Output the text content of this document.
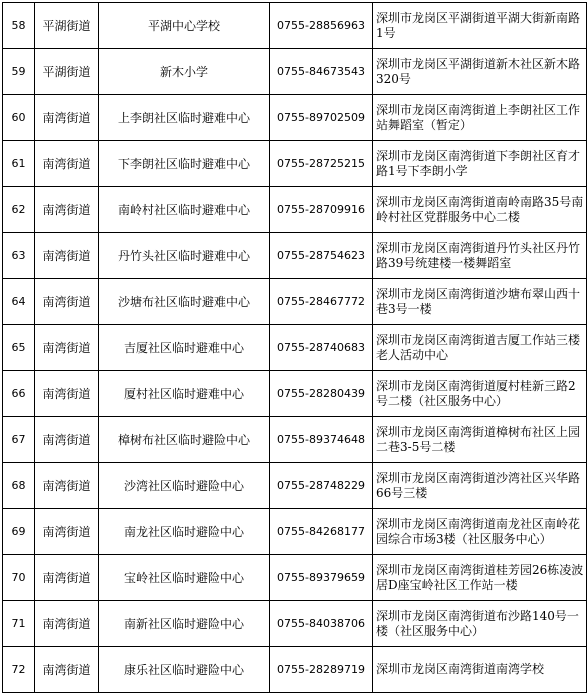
58	平湖街道	平湖中心学校	0755-28856963	深圳市龙岗区平湖街道平湖大街新南路1号
59	平湖街道	新木小学	0755-84673543	深圳市龙岗区平湖街道新木社区新木路320号
60	南湾街道	上李朗社区临时避难中心	0755-89702509	深圳市龙岗区南湾街道上李朗社区工作站舞蹈室（暂定）
61	南湾街道	下李朗社区临时避难中心	0755-28725215	深圳市龙岗区南湾街道下李朗社区育才路1号下李朗小学
62	南湾街道	南岭村社区临时避难中心	0755-28709916	深圳市龙岗区南湾街道南岭南路35号南岭村社区党群服务中心二楼
63	南湾街道	丹竹头社区临时避难中心	0755-28754623	深圳市龙岗区南湾街道丹竹头社区丹竹路39号统建楼一楼舞蹈室
64	南湾街道	沙塘布社区临时避难中心	0755-28467772	深圳市龙岗区南湾街道沙塘布翠山西十巷3号一楼
65	南湾街道	吉厦社区临时避难中心	0755-28740683	深圳市龙岗区南湾街道吉厦工作站三楼老人活动中心
66	南湾街道	厦村社区临时避难中心	0755-28280439	深圳市龙岗区南湾街道厦村桂新三路2号二楼（社区服务中心）
67	南湾街道	樟树布社区临时避险中心	0755-89374648	深圳市龙岗区南湾街道樟树布社区上园二巷3-5号二楼
68	南湾街道	沙湾社区临时避险中心	0755-28748229	深圳市龙岗区南湾街道沙湾社区兴华路66号三楼
69	南湾街道	南龙社区临时避险中心	0755-84268177	深圳市龙岗区南湾街道南龙社区南岭花园综合市场3楼（社区服务中心）
70	南湾街道	宝岭社区临时避险中心	0755-89379659	深圳市龙岗区南湾街道桂芳园26栋凌波居D座宝岭社区工作站一楼
71	南湾街道	南新社区临时避险中心	0755-84038706	深圳市龙岗区南湾街道布沙路140号一楼（社区服务中心）
72	南湾街道	康乐社区临时避险中心	0755-28289719	深圳市龙岗区南湾街道南湾学校
